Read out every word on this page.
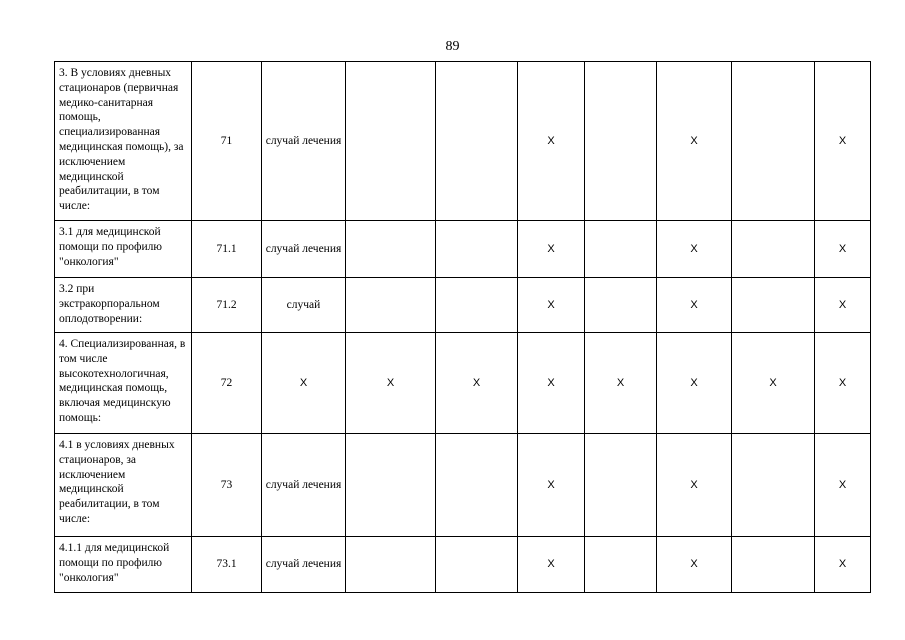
89
3. В условиях дневных стационаров (первичная медико-санитарная помощь, специализированная медицинская помощь), за исключением медицинской реабилитации, в том числе:	71	случай лечения			X		X		X
3.1 для медицинской помощи по профилю "онкология"	71.1	случай лечения			X		X		X
3.2 при экстракорпоральном оплодотворении:	71.2	случай			X		X		X
4. Специализированная, в том числе высокотехнологичная, медицинская помощь, включая медицинскую помощь:	72	X	X	X	X	X	X	X	X
4.1 в условиях дневных стационаров, за исключением медицинской реабилитации, в том числе:	73	случай лечения			X		X		X
4.1.1 для медицинской помощи по профилю "онкология"	73.1	случай лечения			X		X		X
